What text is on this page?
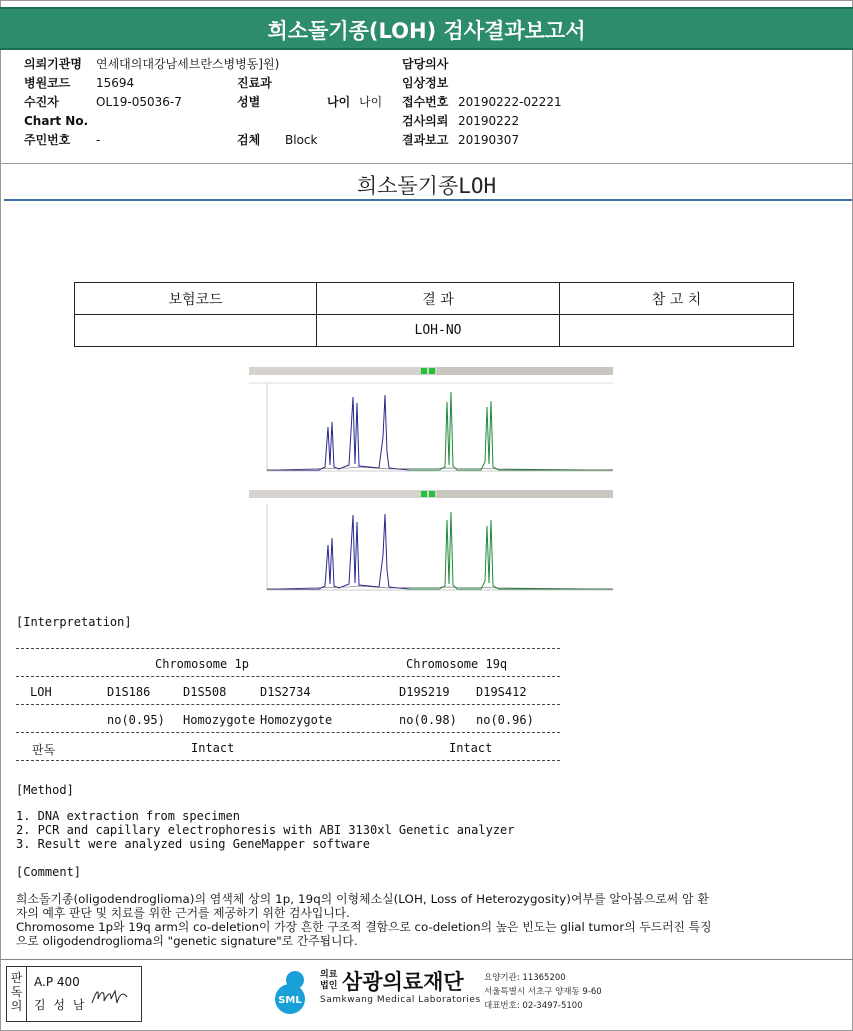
희소돌기종(LOH) 검사결과보고서
의뢰기관명 연세대의대강남세브란스병병동]원)
병원코드 15694
수진자	OL19-05036-7
Chart No.
주민번호 -
진료과
성별
검체 Block
나이 나이
담당의사
임상정보
접수번호 20190222-02221
검사의뢰 20190222
결과보고 20190307
희소돌기종LOH
보험코드	결 과	참 고 치
	LOH-NO	
[Interpretation]
Chromosome 1p	Chromosome 19q
LOH	D1S186	D1S508	D1S2734	D19S219 D19S412
no(0.95) Homozygote Homozygote	no(0.98) no(0.96)
판독	Intact	Intact
[Method]
1. DNA extraction from specimen
2. PCR and capillary electrophoresis with ABI 3130xl Genetic analyzer
3. Result were analyzed using GeneMapper software
[Comment]
희소돌기종(oligodendroglioma)의 염색체 상의 1p, 19q의 이형체소실(LOH, Loss of Heterozygosity)여부를 알아봄으로써 암 환
자의 예후 판단 및 치료를 위한 근거를 제공하기 위한 검사입니다.
Chromosome 1p와 19q arm의 co-deletion이 가장 흔한 구조적 결함으로 co-deletion의 높은 빈도는 glial tumor의 두드러진 특징
으로 oligodendroglioma의 "genetic signature"로 간주됩니다.
판독의
A.P 400
김 성 남	SML
의료
법인 삼광의료재단
Samkwang Medical Laboratories
요양기관: 11365200
서울특별시 서초구 양재동 9-60
대표번호: 02-3497-5100
